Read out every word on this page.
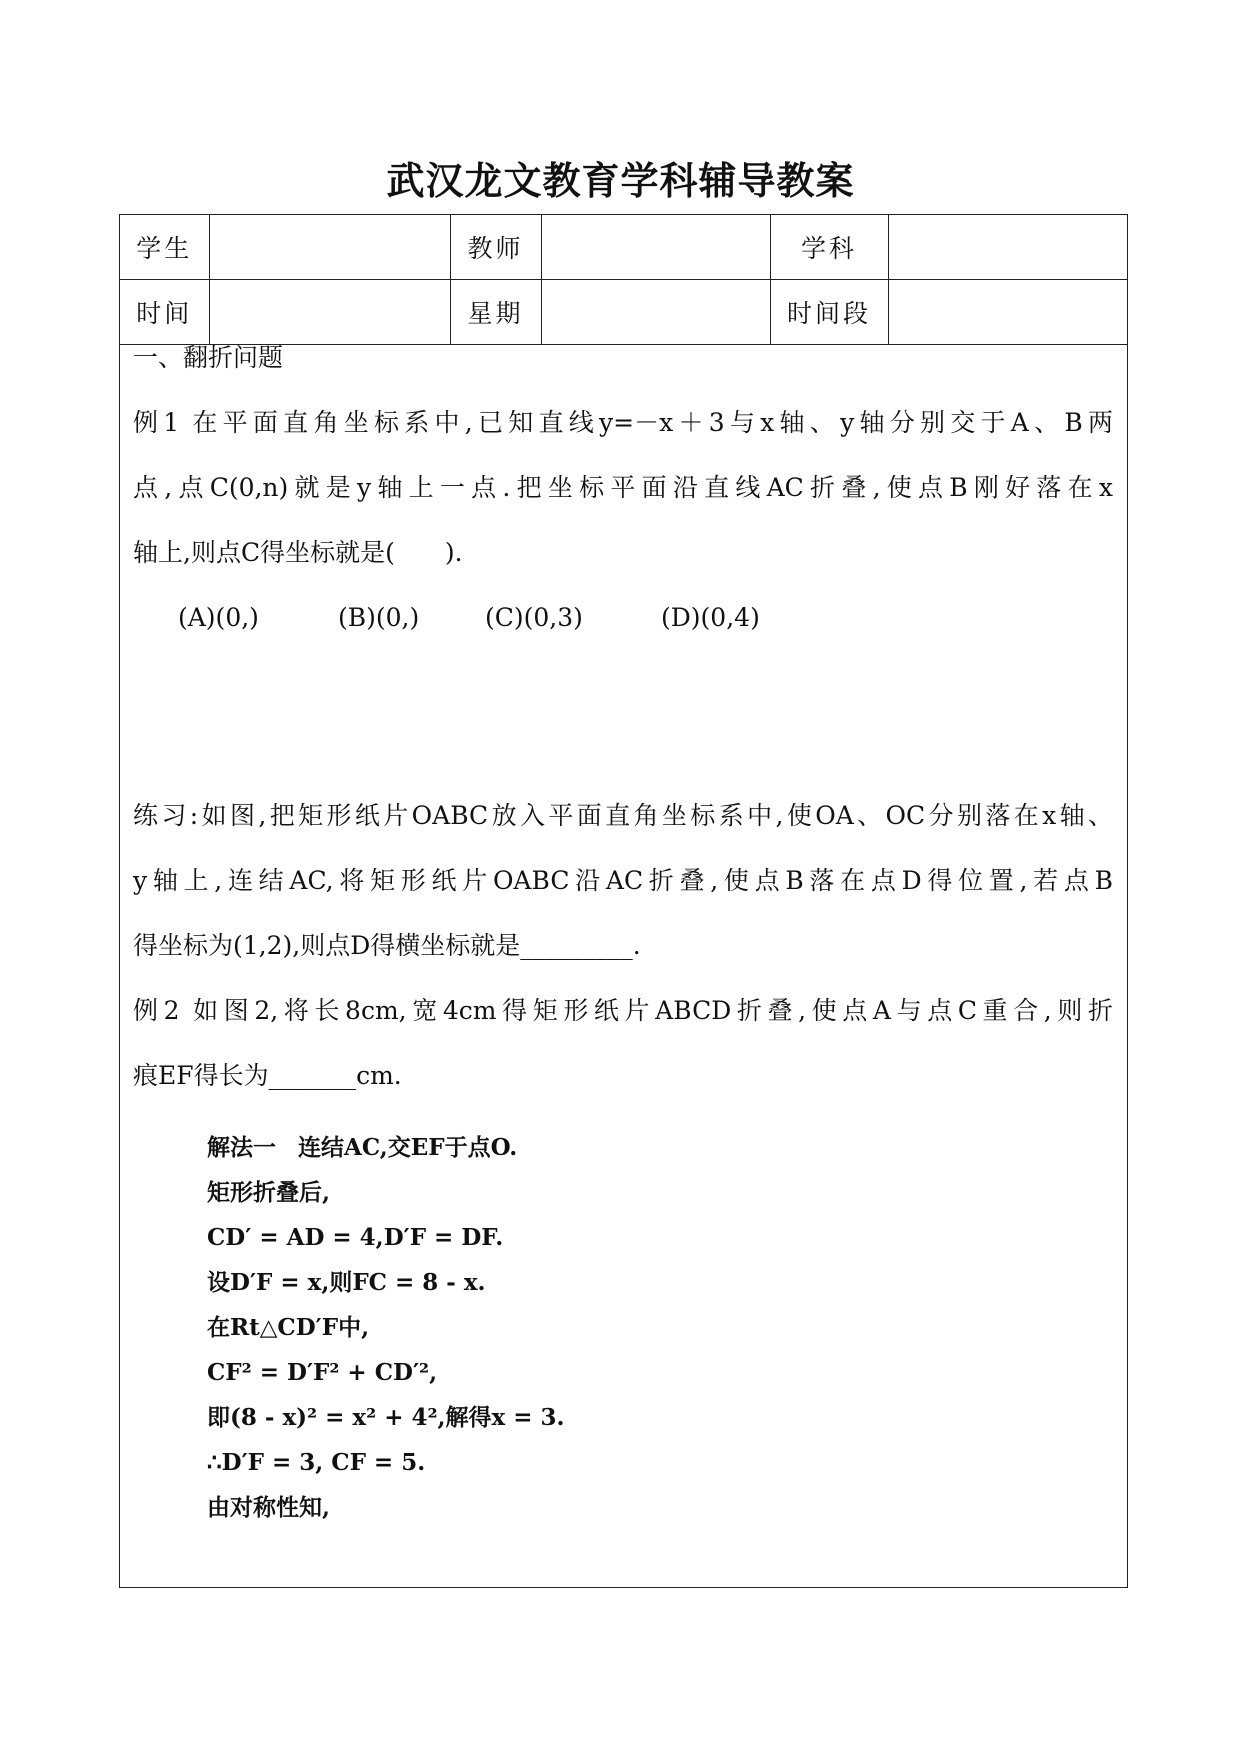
武汉龙文教育学科辅导教案
学生		教师		学科	
时间		星期		时间段	
一、翻折问题
例1 在平面直角坐标系中,已知直线y=－x＋3与x轴、y轴分别交于A、B两
点,点C(0,n)就是y轴上一点.把坐标平面沿直线AC折叠,使点B刚好落在x
轴上,则点C得坐标就是(　　).
(A)(0,)	(B)(0,)	(C)(0,3)	(D)(0,4)
练习:如图,把矩形纸片OABC放入平面直角坐标系中,使OA、OC分别落在x轴、
y轴上,连结AC,将矩形纸片OABC沿AC折叠,使点B落在点D得位置,若点B
得坐标为(1,2),则点D得横坐标就是_________.
例2 如图2,将长8cm,宽4cm得矩形纸片ABCD折叠,使点A与点C重合,则折
痕EF得长为_______cm.
解法一 连结AC,交EF于点O.
矩形折叠后,
CD′ = AD = 4,D′F = DF.
设D′F = x,则FC = 8 - x.
在Rt△CD′F中,
CF² = D′F² + CD′²,
即(8 - x)² = x² + 4²,解得x = 3.
∴D′F = 3, CF = 5.
由对称性知,
